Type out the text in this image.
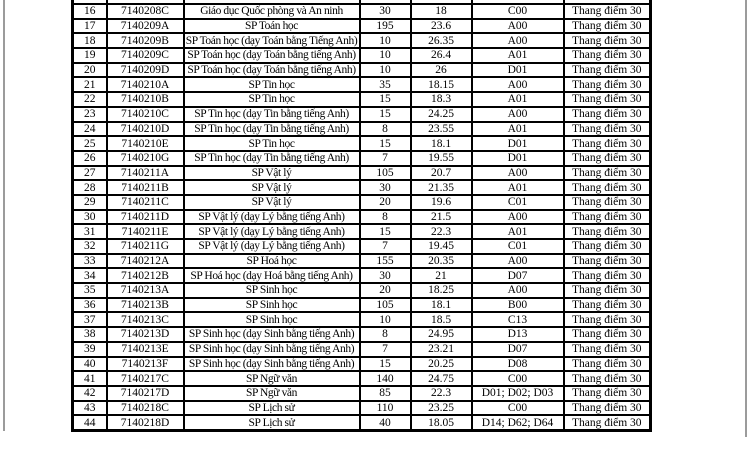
16	7140208C	Giáo dục Quốc phòng và An ninh	30	18	C00	Thang điểm 30
17	7140209A	SP Toán học	195	23.6	A00	Thang điểm 30
18	7140209B	SP Toán học (dạy Toán bằng Tiếng Anh)	10	26.35	A00	Thang điểm 30
19	7140209C	SP Toán học (dạy Toán bằng tiếng Anh)	10	26.4	A01	Thang điểm 30
20	7140209D	SP Toán học (dạy Toán bằng tiếng Anh)	10	26	D01	Thang điểm 30
21	7140210A	SP Tin học	35	18.15	A00	Thang điểm 30
22	7140210B	SP Tin học	15	18.3	A01	Thang điểm 30
23	7140210C	SP Tin học (dạy Tin bằng tiếng Anh)	15	24.25	A00	Thang điểm 30
24	7140210D	SP Tin học (dạy Tin bằng tiếng Anh)	8	23.55	A01	Thang điểm 30
25	7140210E	SP Tin học	15	18.1	D01	Thang điểm 30
26	7140210G	SP Tin học (dạy Tin bằng tiếng Anh)	7	19.55	D01	Thang điểm 30
27	7140211A	SP Vật lý	105	20.7	A00	Thang điểm 30
28	7140211B	SP Vật lý	30	21.35	A01	Thang điểm 30
29	7140211C	SP Vật lý	20	19.6	C01	Thang điểm 30
30	7140211D	SP Vật lý (dạy Lý bằng tiếng Anh)	8	21.5	A00	Thang điểm 30
31	7140211E	SP Vật lý (dạy Lý bằng tiếng Anh)	15	22.3	A01	Thang điểm 30
32	7140211G	SP Vật lý (dạy Lý bằng tiếng Anh)	7	19.45	C01	Thang điểm 30
33	7140212A	SP Hoá học	155	20.35	A00	Thang điểm 30
34	7140212B	SP Hoá học (dạy Hoá bằng tiếng Anh)	30	21	D07	Thang điểm 30
35	7140213A	SP Sinh học	20	18.25	A00	Thang điểm 30
36	7140213B	SP Sinh học	105	18.1	B00	Thang điểm 30
37	7140213C	SP Sinh học	10	18.5	C13	Thang điểm 30
38	7140213D	SP Sinh học (dạy Sinh bằng tiếng Anh)	8	24.95	D13	Thang điểm 30
39	7140213E	SP Sinh học (dạy Sinh bằng tiếng Anh)	7	23.21	D07	Thang điểm 30
40	7140213F	SP Sinh học (dạy Sinh bằng tiếng Anh)	15	20.25	D08	Thang điểm 30
41	7140217C	SP Ngữ văn	140	24.75	C00	Thang điểm 30
42	7140217D	SP Ngữ văn	85	22.3	D01; D02; D03	Thang điểm 30
43	7140218C	SP Lịch sử	110	23.25	C00	Thang điểm 30
44	7140218D	SP Lịch sử	40	18.05	D14; D62; D64	Thang điểm 30
